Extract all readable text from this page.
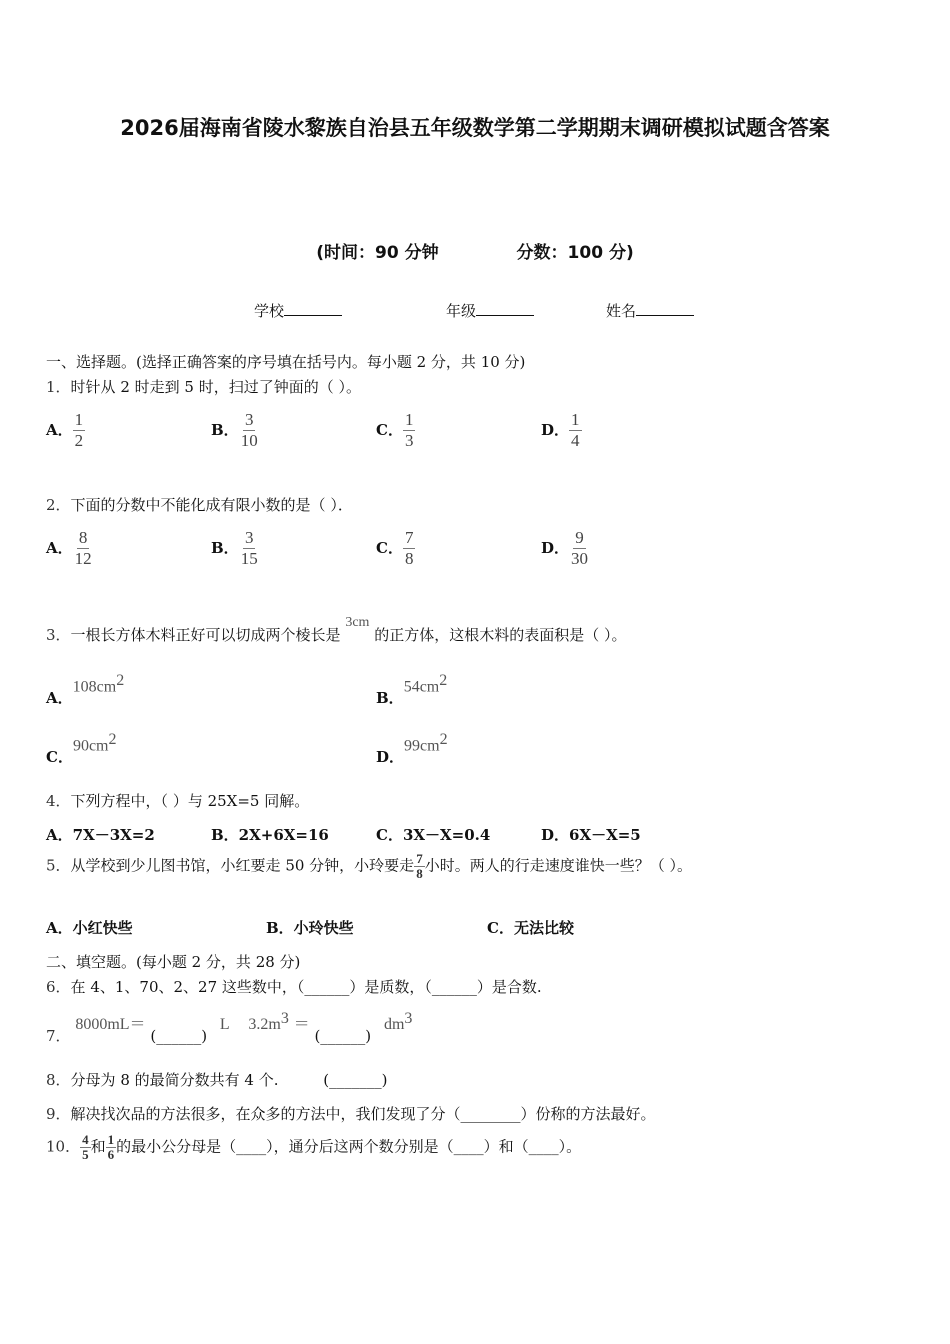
2026届海南省陵水黎族自治县五年级数学第二学期期末调研模拟试题含答案
(时间：90 分钟	分数：100 分)
学校	年级	姓名
一、选择题。(选择正确答案的序号填在括号内。每小题 2 分，共 10 分)
1．时针从 2 时走到 5 时，扫过了钟面的（ ）。
A． $\frac{1}{2}$	B． $\frac{3}{10}$	C． $\frac{1}{3}$	D． $\frac{1}{4}$
2．下面的分数中不能化成有限小数的是（ ）．
A． $\frac{8}{12}$	B． $\frac{3}{15}$	C． $\frac{7}{8}$	D． $\frac{9}{30}$
3．一根长方体木料正好可以切成两个棱长是 3cm 的正方体，这根木料的表面积是（ ）。
A．$108cm^2$
B．$54cm^2$
C．$90cm^2$
D．$99cm^2$
4．下列方程中，（ ）与 25X=5 同解。
A．7X－3X=2	B．2X+6X=16	C．3X－X=0.4	D．6X－X=5
5．从学校到少儿图书馆，小红要走 50 分钟，小玲要走 $\frac{7}{8}$ 小时。两人的行走速度谁快一些？（ ）。
A．小红快些	B．小玲快些	C．无法比较
二、填空题。(每小题 2 分，共 28 分)
6．在 4、1、70、2、27 这些数中，（______）是质数，（______）是合数.
7． 8000mL＝ (______) L $3.2m^3$ ＝ (______) $dm^3$
8．分母为 8 的最简分数共有 4 个.	(_______)
9．解决找次品的方法很多，在众多的方法中，我们发现了分（________）份称的方法最好。
10． $\frac{4}{5}$ 和 $\frac{1}{6}$ 的最小公分母是（____），通分后这两个数分别是（____）和（____）。
